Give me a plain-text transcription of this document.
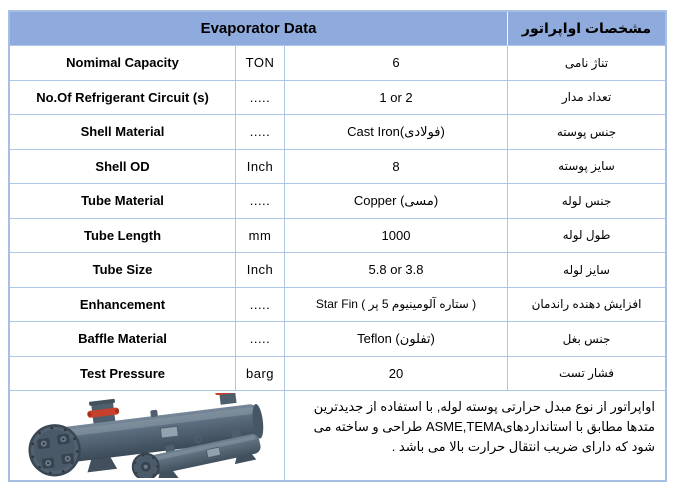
Evaporator Data	مشخصات اواپراتور
Nomimal Capacity	TON	6	تناژ نامی
No.Of Refrigerant Circuit (s)	.....	1 or 2	تعداد مدار
Shell Material	.....	Cast Iron(فولادی)	جنس پوسته
Shell OD	Inch	8	سایز پوسته
Tube Material	.....	Copper (مسی)	جنس لوله
Tube Length	mm	1000	طول لوله
Tube Size	Inch	5.8 or 3.8	سایز لوله
Enhancement	.....	Star Fin ( ستاره آلومینیوم 5 پر )	افزایش دهنده راندمان
Baffle Material	.....	Teflon (تفلون)	جنس بغل
Test Pressure	barg	20	فشار تست
اواپراتور از نوع مبدل حرارتی پوسته لوله, با استفاده از جدیدترین متدها مطابق با استانداردهایASME,TEMA طراحی و ساخته می شود که دارای ضریب انتقال حرارت بالا می باشد .
